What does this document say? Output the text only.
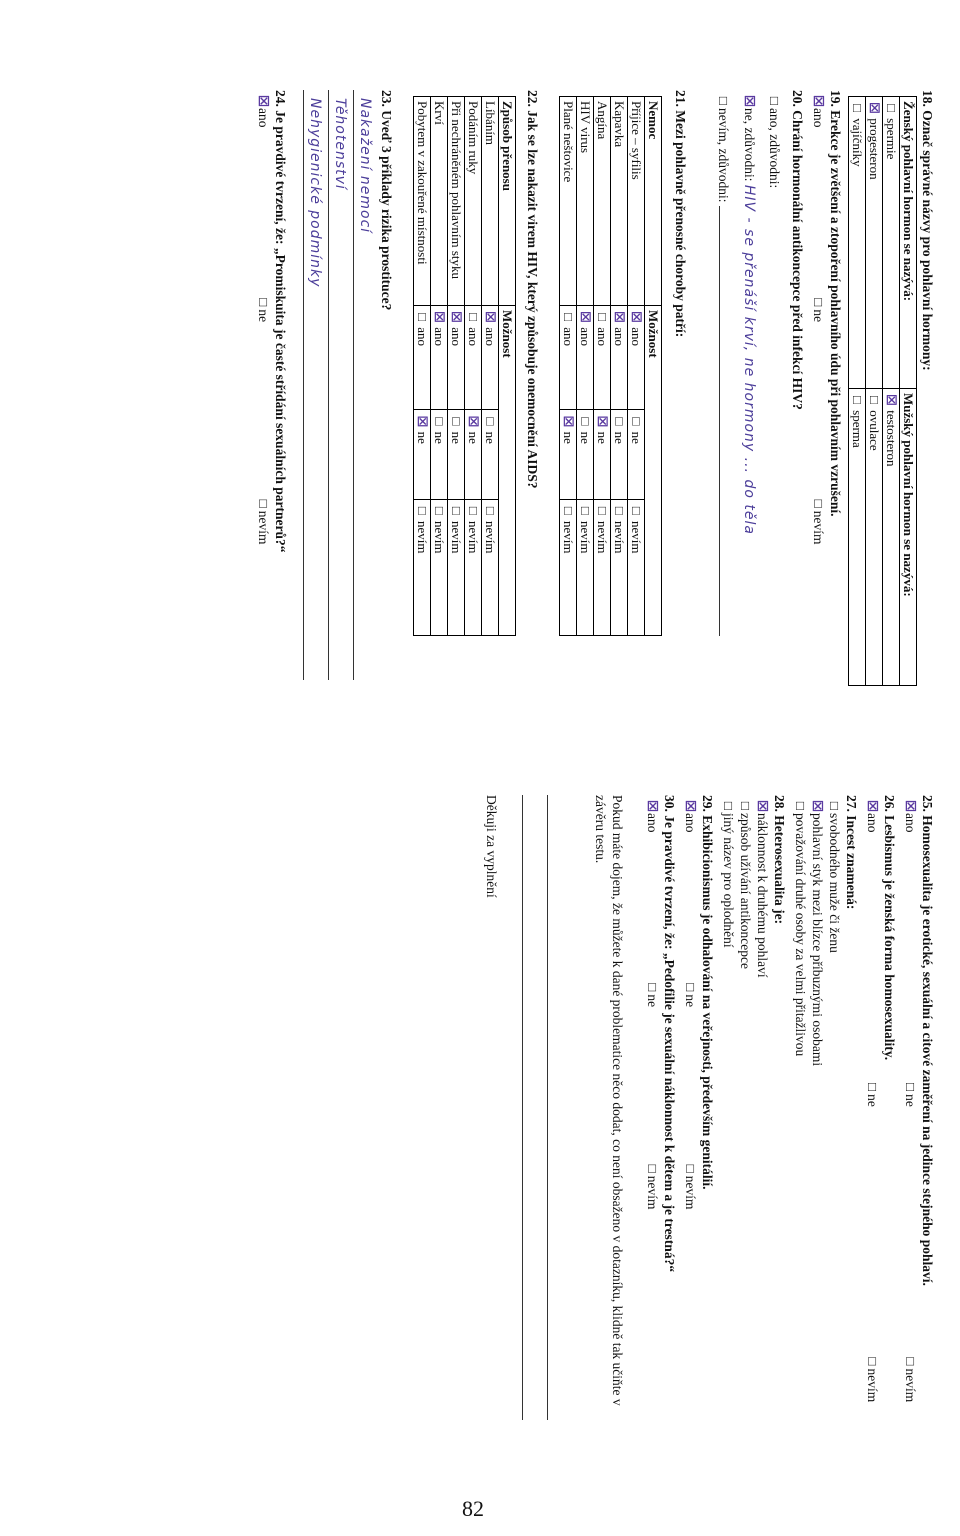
18. Označ správné názvy pro pohlavní hormony:
Ženský pohlavní hormon se nazývá:	Mužský pohlavní hormon se nazývá:
□ spermie	☒ testosteron
☒ progesteron	□ ovulace
□ vajíčníky	□ sperma
19. Erekce je zvětšení a ztopoření pohlavního údu při pohlavním vzrušení.
☒ano □ne □nevím
20. Chrání hormonální antikoncepce před infekcí HIV?
□ano, zdůvodni:
☒ne, zdůvodni: HIV - se přenáší krví, ne hormony ... do těla
□nevím, zdůvodni:
21. Mezi pohlavně přenosné choroby patří:
Nemoc	Možnost		
Příjice – syfilis	☒ ano	□ ne	□ nevím
Kapavka	☒ ano	□ ne	□ nevím
Angína	□ ano	☒ ne	□ nevím
HIV virus	☒ ano	□ ne	□ nevím
Plané neštovice	□ ano	☒ ne	□ nevím
22. Jak se lze nakazit virem HIV, který způsobuje onemocnění AIDS?
Způsob přenosu	Možnost		
Líbáním	☒ ano	□ ne	□ nevím
Podáním ruky	□ ano	☒ ne	□ nevím
Při nechráněném pohlavním styku	☒ ano	□ ne	□ nevím
Krví	☒ ano	□ ne	□ nevím
Pobytem v zakouřené místnosti	□ ano	☒ ne	□ nevím
23. Uveď 3 příklady rizika prostituce?
Nakažení nemocí
Těhotenství
Nehygienické podmínky
24. Je pravdivé tvrzení, že: „Promiskuita je časté střídání sexuálních partnerů?“
☒ano □ne □nevím
25. Homosexualita je erotické, sexuální a citové zaměření na jedince stejného pohlaví.
☒ano
□ne
□nevím
26. Lesbismus je ženská forma homosexuality.
☒ano
□ne
□nevím
27. Incest znamená:
□svobodného muže či ženu
☒pohlavní styk mezi blízce příbuznými osobami
□považování druhé osoby za velmi přitažlivou
28. Heterosexualita je:
☒náklonnost k druhému pohlaví
□způsob užívání antikoncepce
□jiný název pro oplodnění
29. Exhibicionismus je odhalování na veřejnosti, především genitálií.
☒ano □ne □nevím
30. Je pravdivé tvrzení, že: „Pedofilie je sexuální náklonnost k dětem a je trestná?“
☒ano □ne □nevím
Pokud máte dojem, že můžete k dané problematice něco dodat, co není obsaženo v dotazníku, klidně tak učiňte v závěru testu.
Děkuji za vyplnění
82
